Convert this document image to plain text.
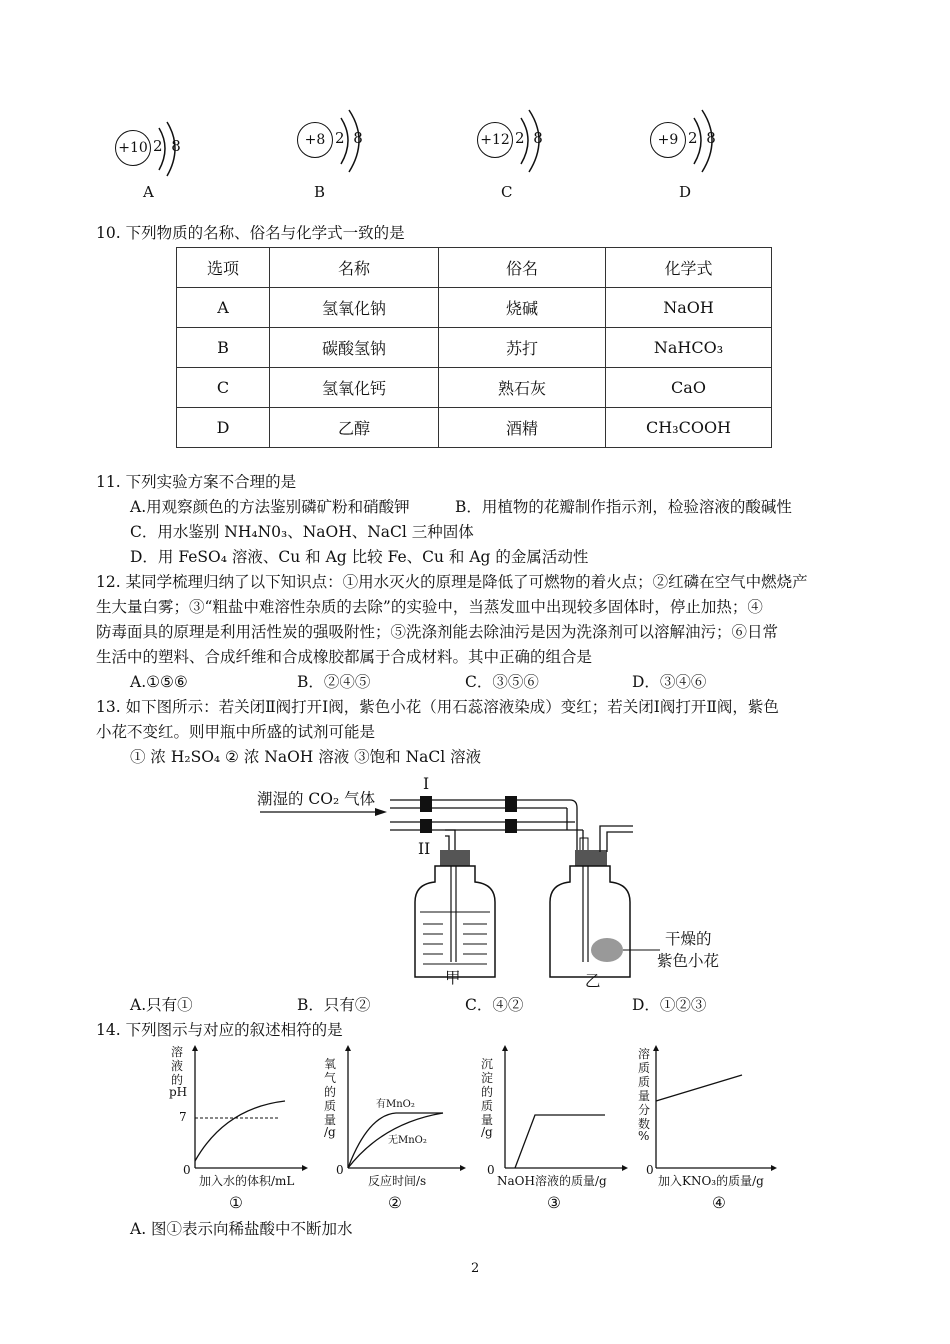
+10 2 8
A
+8 2 8
B
+12 2 8
C
+9 2 8
D
10. 下列物质的名称、俗名与化学式一致的是
选项	名称	俗名	化学式
A	氢氧化钠	烧碱	NaOH
B	碳酸氢钠	苏打	NaHCO₃
C	氢氧化钙	熟石灰	CaO
D	乙醇	酒精	CH₃COOH
11. 下列实验方案不合理的是
A.用观察颜色的方法鉴别磷矿粉和硝酸钾	B．用植物的花瓣制作指示剂，检验溶液的酸碱性
C．用水鉴别 NH₄N0₃、NaOH、NaCl 三种固体
D．用 FeSO₄ 溶液、Cu 和 Ag 比较 Fe、Cu 和 Ag 的金属活动性
12. 某同学梳理归纳了以下知识点：①用水灭火的原理是降低了可燃物的着火点；②红磷在空气中燃烧产
生大量白雾；③“粗盐中难溶性杂质的去除”的实验中，当蒸发皿中出现较多固体时，停止加热；④
防毒面具的原理是利用活性炭的强吸附性；⑤洗涤剂能去除油污是因为洗涤剂可以溶解油污；⑥日常
生活中的塑料、合成纤维和合成橡胶都属于合成材料。其中正确的组合是
A.①⑤⑥	B．②④⑤	C．③⑤⑥	D．③④⑥
13. 如下图所示：若关闭Ⅱ阀打开Ⅰ阀，紫色小花（用石蕊溶液染成）变红；若关闭Ⅰ阀打开Ⅱ阀，紫色
小花不变红。则甲瓶中所盛的试剂可能是
① 浓 H₂SO₄ ② 浓 NaOH 溶液 ③饱和 NaCl 溶液
潮湿的 CO₂ 气体
I
II
甲	乙
干燥的
紫色小花
A.只有①	B．只有②	C．④②	D．①②③
14. 下列图示与对应的叙述相符的是
溶
液
的
pH
7
0
加入水的体积/mL
①
氧
气
的
质
量
/g
有MnO₂
无MnO₂
0
反应时间/s
②
沉
淀
的
质
量
/g
0
NaOH溶液的质量/g
③
溶
质
质
量
分
数
%
0
加入KNO₃的质量/g
④
A. 图①表示向稀盐酸中不断加水
2
